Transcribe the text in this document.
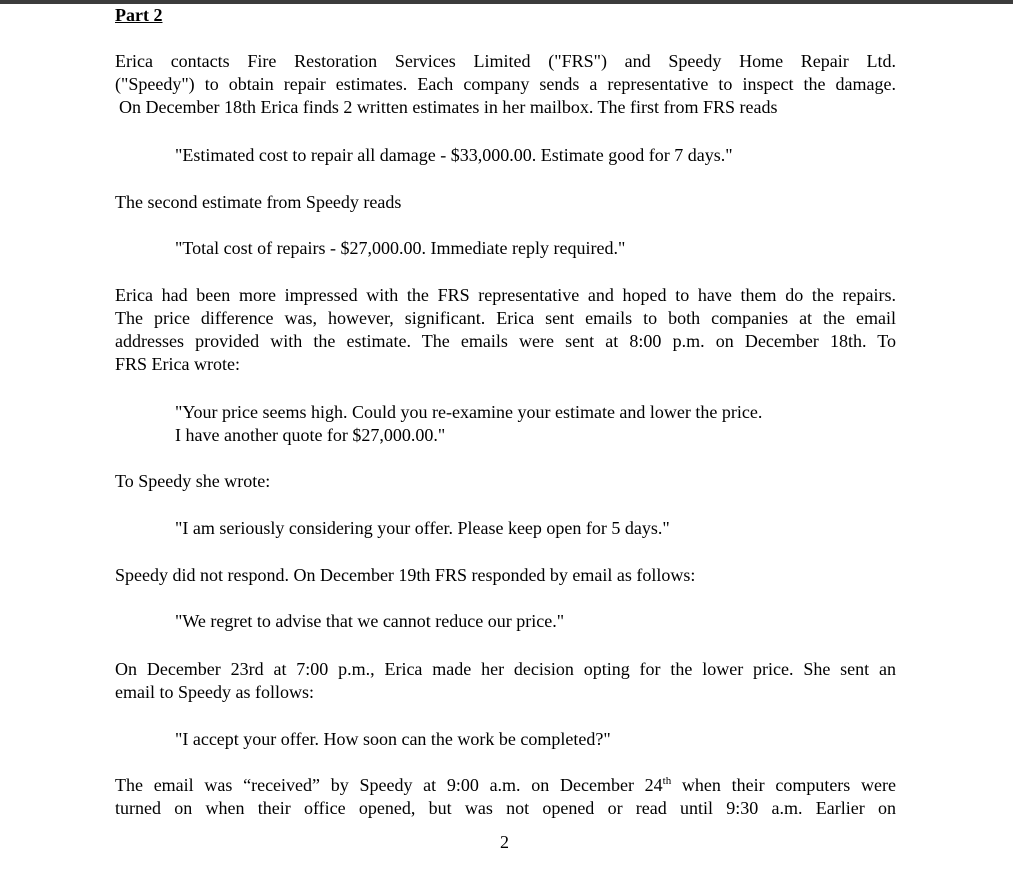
Part 2
Erica contacts Fire Restoration Services Limited ("FRS") and Speedy Home Repair Ltd.
("Speedy") to obtain repair estimates. Each company sends a representative to inspect the damage.
On December 18th Erica finds 2 written estimates in her mailbox. The first from FRS reads
"Estimated cost to repair all damage - $33,000.00. Estimate good for 7 days."
The second estimate from Speedy reads
"Total cost of repairs - $27,000.00. Immediate reply required."
Erica had been more impressed with the FRS representative and hoped to have them do the repairs.
The price difference was, however, significant. Erica sent emails to both companies at the email
addresses provided with the estimate. The emails were sent at 8:00 p.m. on December 18th. To
FRS Erica wrote:
"Your price seems high. Could you re-examine your estimate and lower the price.
I have another quote for $27,000.00."
To Speedy she wrote:
"I am seriously considering your offer. Please keep open for 5 days."
Speedy did not respond. On December 19th FRS responded by email as follows:
"We regret to advise that we cannot reduce our price."
On December 23rd at 7:00 p.m., Erica made her decision opting for the lower price. She sent an
email to Speedy as follows:
"I accept your offer. How soon can the work be completed?"
The email was “received” by Speedy at 9:00 a.m. on December 24th when their computers were
turned on when their office opened, but was not opened or read until 9:30 a.m. Earlier on
2
